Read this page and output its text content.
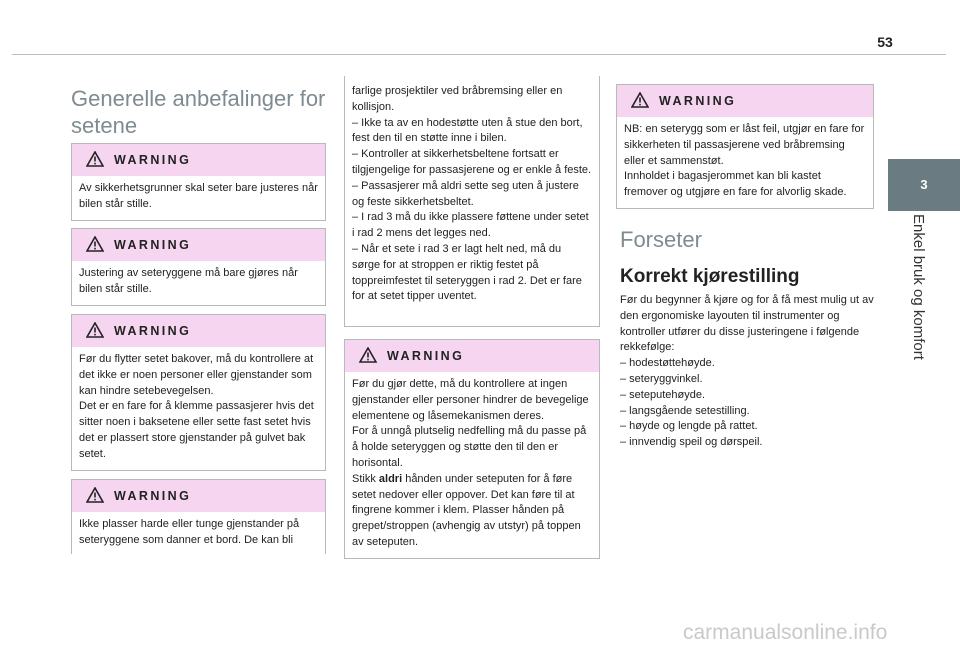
53
3
Enkel bruk og komfort
Generelle anbefalinger for setene
WARNING
Av sikkerhetsgrunner skal seter bare justeres når bilen står stille.
WARNING
Justering av seteryggene må bare gjøres når bilen står stille.
WARNING
Før du flytter setet bakover, må du kontrollere at det ikke er noen personer eller gjenstander som kan hindre setebevegelsen.
Det er en fare for å klemme passasjerer hvis det sitter noen i baksetene eller sette fast setet hvis det er plassert store gjenstander på gulvet bak setet.
WARNING
Ikke plasser harde eller tunge gjenstander på seteryggene som danner et bord. De kan bli
farlige prosjektiler ved bråbremsing eller en kollisjon.
– Ikke ta av en hodestøtte uten å stue den bort, fest den til en støtte inne i bilen.
– Kontroller at sikkerhetsbeltene fortsatt er tilgjengelige for passasjerene og er enkle å feste.
– Passasjerer må aldri sette seg uten å justere og feste sikkerhetsbeltet.
– I rad 3 må du ikke plassere føttene under setet i rad 2 mens det legges ned.
– Når et sete i rad 3 er lagt helt ned, må du sørge for at stroppen er riktig festet på toppreimfestet til seteryggen i rad 2. Det er fare for at setet tipper uventet.
WARNING
Før du gjør dette, må du kontrollere at ingen gjenstander eller personer hindrer de bevegelige elementene og låsemekanismen deres.
For å unngå plutselig nedfelling må du passe på å holde seteryggen og støtte den til den er horisontal.
Stikk aldri hånden under seteputen for å føre setet nedover eller oppover. Det kan føre til at fingrene kommer i klem. Plasser hånden på grepet/stroppen (avhengig av utstyr) på toppen av seteputen.
WARNING
NB: en seterygg som er låst feil, utgjør en fare for sikkerheten til passasjerene ved bråbremsing eller et sammenstøt.
Innholdet i bagasjerommet kan bli kastet fremover og utgjøre en fare for alvorlig skade.
Forseter
Korrekt kjørestilling
Før du begynner å kjøre og for å få mest mulig ut av den ergonomiske layouten til instrumenter og kontroller utfører du disse justeringene i følgende rekkefølge:
– hodestøttehøyde.
– seteryggvinkel.
– seteputehøyde.
– langsgående setestilling.
– høyde og lengde på rattet.
– innvendig speil og dørspeil.
carmanualsonline.info
